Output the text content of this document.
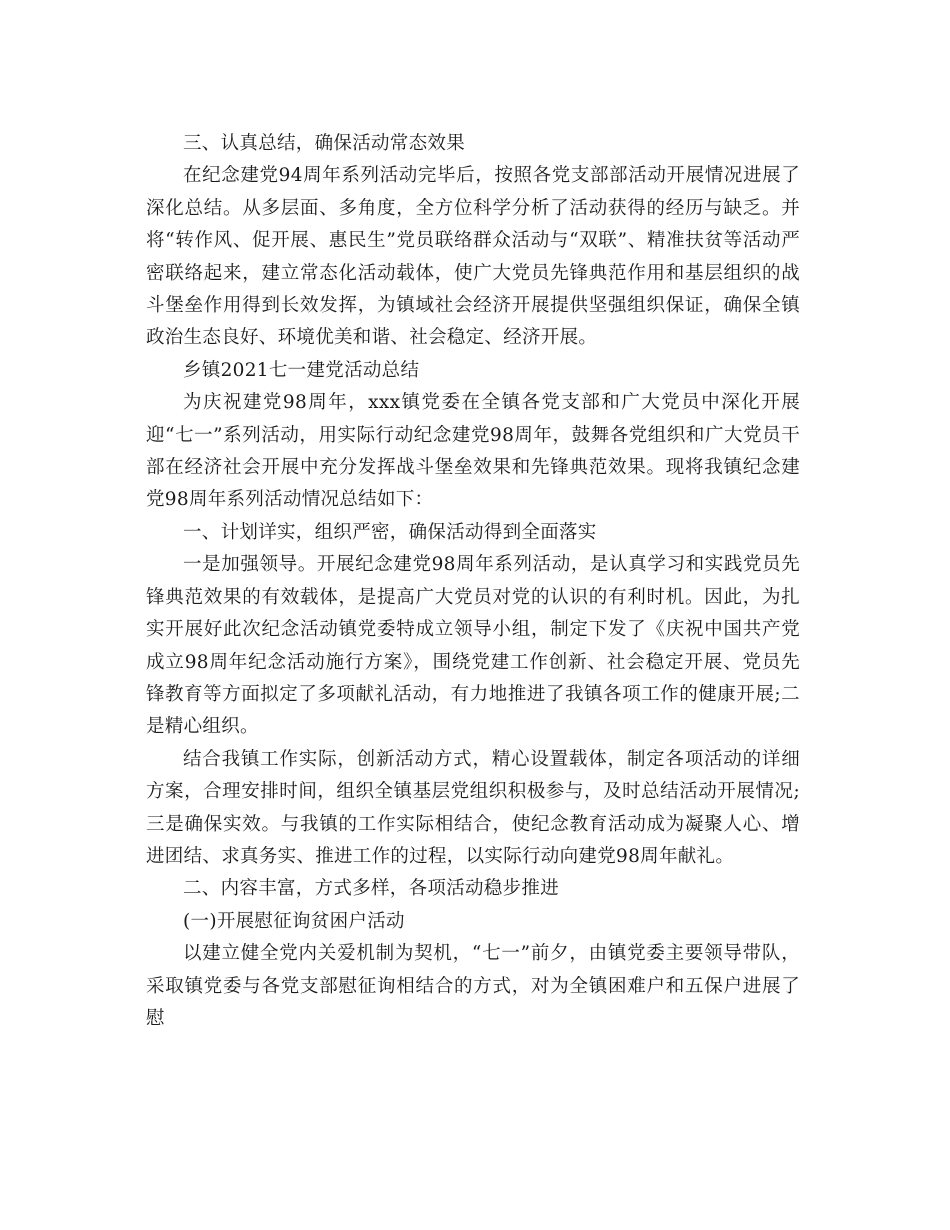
三、认真总结，确保活动常态效果

在纪念建党94周年系列活动完毕后，按照各党支部部活动开展情况进展了深化总结。从多层面、多角度，全方位科学分析了活动获得的经历与缺乏。并将“转作风、促开展、惠民生”党员联络群众活动与“双联”、精准扶贫等活动严密联络起来，建立常态化活动载体，使广大党员先锋典范作用和基层组织的战斗堡垒作用得到长效发挥，为镇域社会经济开展提供坚强组织保证，确保全镇政治生态良好、环境优美和谐、社会稳定、经济开展。

乡镇2021七一建党活动总结

为庆祝建党98周年，xxx镇党委在全镇各党支部和广大党员中深化开展迎“七一”系列活动，用实际行动纪念建党98周年，鼓舞各党组织和广大党员干部在经济社会开展中充分发挥战斗堡垒效果和先锋典范效果。现将我镇纪念建党98周年系列活动情况总结如下：

一、计划详实，组织严密，确保活动得到全面落实

一是加强领导。开展纪念建党98周年系列活动，是认真学习和实践党员先锋典范效果的有效载体，是提高广大党员对党的认识的有利时机。因此，为扎实开展好此次纪念活动镇党委特成立领导小组，制定下发了《庆祝中国共产党成立98周年纪念活动施行方案》，围绕党建工作创新、社会稳定开展、党员先锋教育等方面拟定了多项献礼活动，有力地推进了我镇各项工作的健康开展;二是精心组织。

结合我镇工作实际，创新活动方式，精心设置载体，制定各项活动的详细方案，合理安排时间，组织全镇基层党组织积极参与，及时总结活动开展情况;三是确保实效。与我镇的工作实际相结合，使纪念教育活动成为凝聚人心、增进团结、求真务实、推进工作的过程，以实际行动向建党98周年献礼。

二、内容丰富，方式多样，各项活动稳步推进

(一)开展慰征询贫困户活动

以建立健全党内关爱机制为契机，“七一”前夕，由镇党委主要领导带队，采取镇党委与各党支部慰征询相结合的方式，对为全镇困难户和五保户进展了慰
